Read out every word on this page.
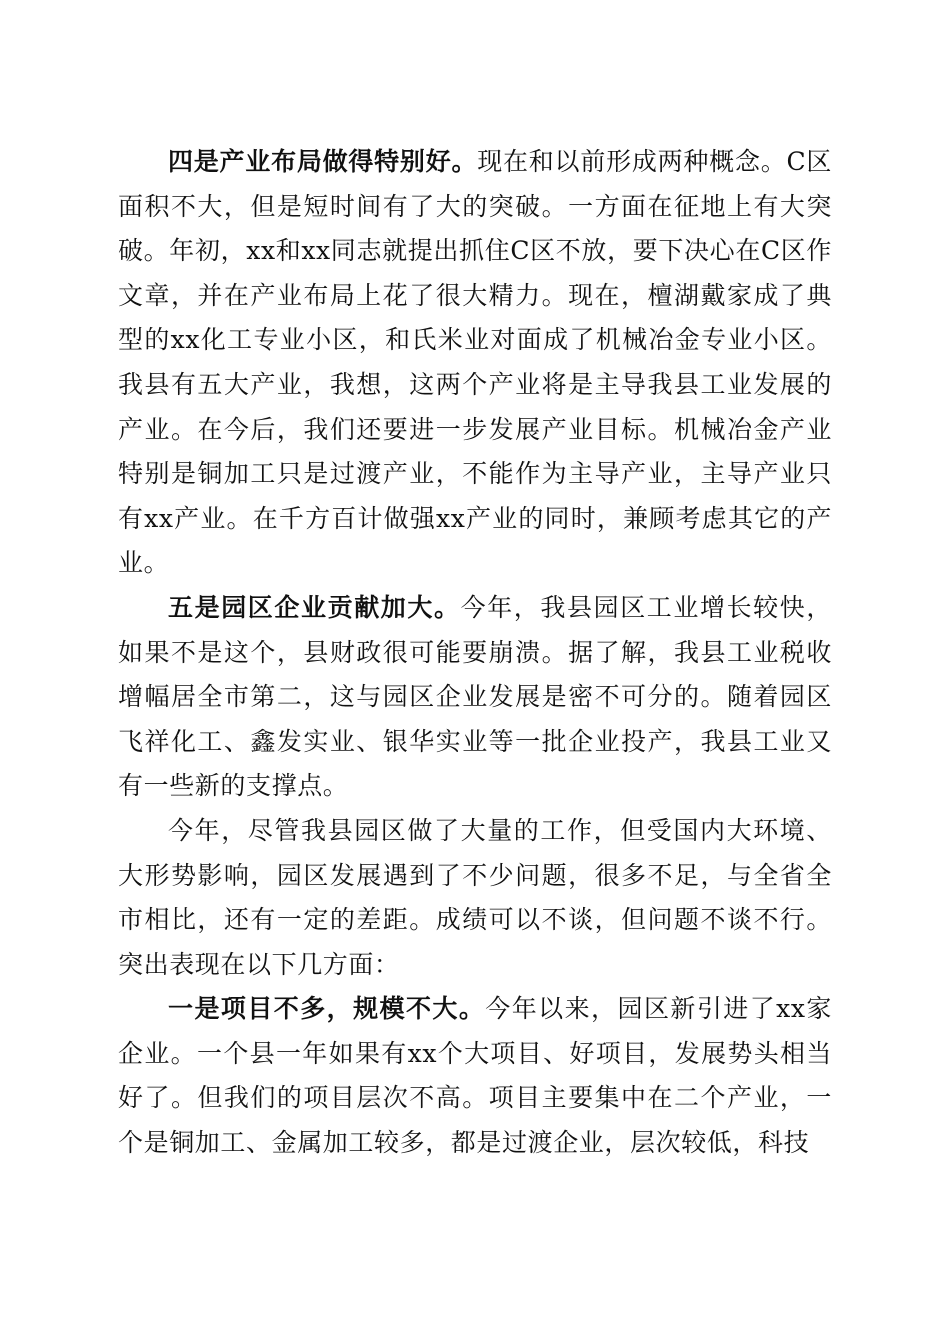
四是产业布局做得特别好。现在和以前形成两种概念。C区面积不大，但是短时间有了大的突破。一方面在征地上有大突破。年初，xx和xx同志就提出抓住C区不放，要下决心在C区作文章，并在产业布局上花了很大精力。现在，檀湖戴家成了典型的xx化工专业小区，和氏米业对面成了机械冶金专业小区。我县有五大产业，我想，这两个产业将是主导我县工业发展的产业。在今后，我们还要进一步发展产业目标。机械冶金产业特别是铜加工只是过渡产业，不能作为主导产业，主导产业只有xx产业。在千方百计做强xx产业的同时，兼顾考虑其它的产业。

五是园区企业贡献加大。今年，我县园区工业增长较快，如果不是这个，县财政很可能要崩溃。据了解，我县工业税收增幅居全市第二，这与园区企业发展是密不可分的。随着园区飞祥化工、鑫发实业、银华实业等一批企业投产，我县工业又有一些新的支撑点。

今年，尽管我县园区做了大量的工作，但受国内大环境、大形势影响，园区发展遇到了不少问题，很多不足，与全省全市相比，还有一定的差距。成绩可以不谈，但问题不谈不行。突出表现在以下几方面：

一是项目不多，规模不大。今年以来，园区新引进了xx家企业。一个县一年如果有xx个大项目、好项目，发展势头相当好了。但我们的项目层次不高。项目主要集中在二个产业，一个是铜加工、金属加工较多，都是过渡企业，层次较低，科技
